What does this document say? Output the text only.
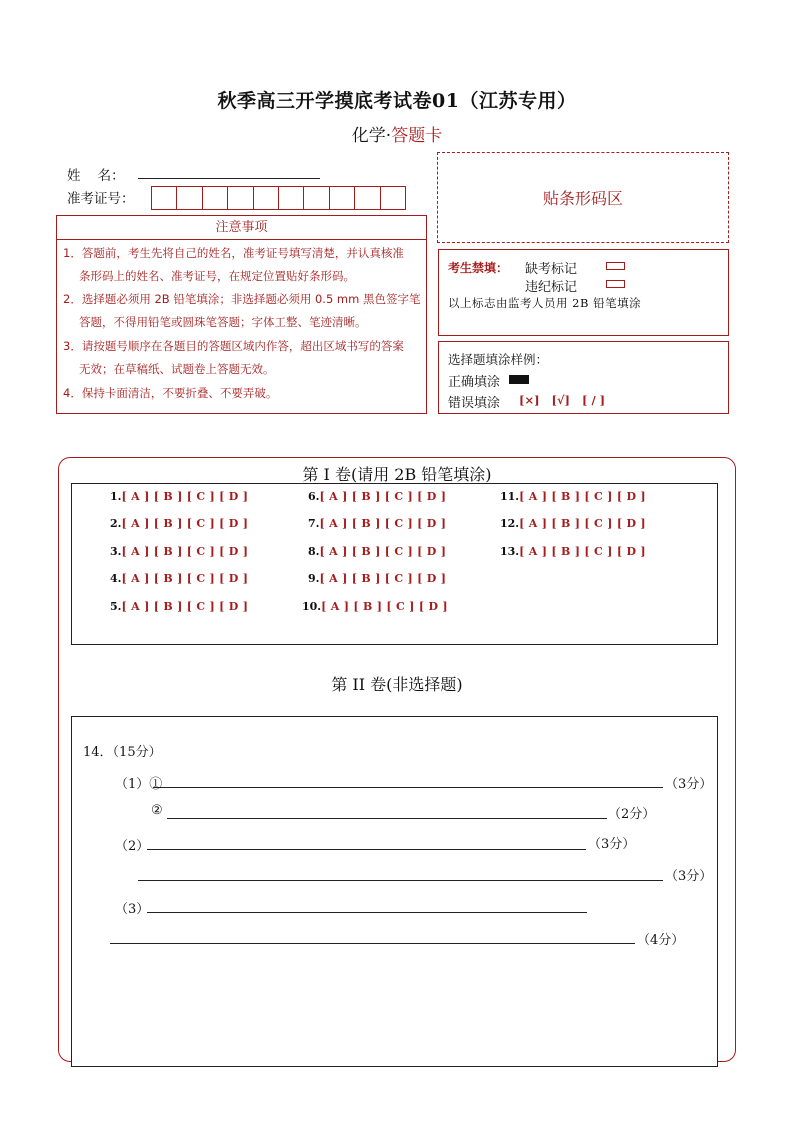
秋季高三开学摸底考试卷01（江苏专用）
化学·答题卡
姓    名：
准考证号：	贴条形码区
注意事项
1．答题前，考生先将自己的姓名，准考证号填写清楚，并认真核准
条形码上的姓名、准考证号，在规定位置贴好条形码。
2．选择题必须用 2B 铅笔填涂；非选择题必须用 0.5 mm 黑色签字笔
答题，不得用铅笔或圆珠笔答题；字体工整、笔迹清晰。
3．请按题号顺序在各题目的答题区域内作答，超出区域书写的答案
无效；在草稿纸、试题卷上答题无效。
4．保持卡面清洁，不要折叠、不要弄破。
考生禁填： 缺考标记
违纪标记
以上标志由监考人员用 2B 铅笔填涂
选择题填涂样例：
正确填涂
错误填涂 [×] [√] [ / ]
1.[ A ] [ B ] [ C ] [ D ]
2.[ A ] [ B ] [ C ] [ D ]
3.[ A ] [ B ] [ C ] [ D ]
4.[ A ] [ B ] [ C ] [ D ]
5.[ A ] [ B ] [ C ] [ D ]
6.[ A ] [ B ] [ C ] [ D ]
7.[ A ] [ B ] [ C ] [ D ]
8.[ A ] [ B ] [ C ] [ D ]
9.[ A ] [ B ] [ C ] [ D ]
10.[ A ] [ B ] [ C ] [ D ]
11.[ A ] [ B ] [ C ] [ D ]
12.[ A ] [ B ] [ C ] [ D ]
13.[ A ] [ B ] [ C ] [ D ]
第 I 卷(请用 2B 铅笔填涂)
第 II 卷(非选择题)
14．（15分）
（1）①	（3分）
②	（2分）
（2）	（3分）
（3分）
（3）
（4分）
